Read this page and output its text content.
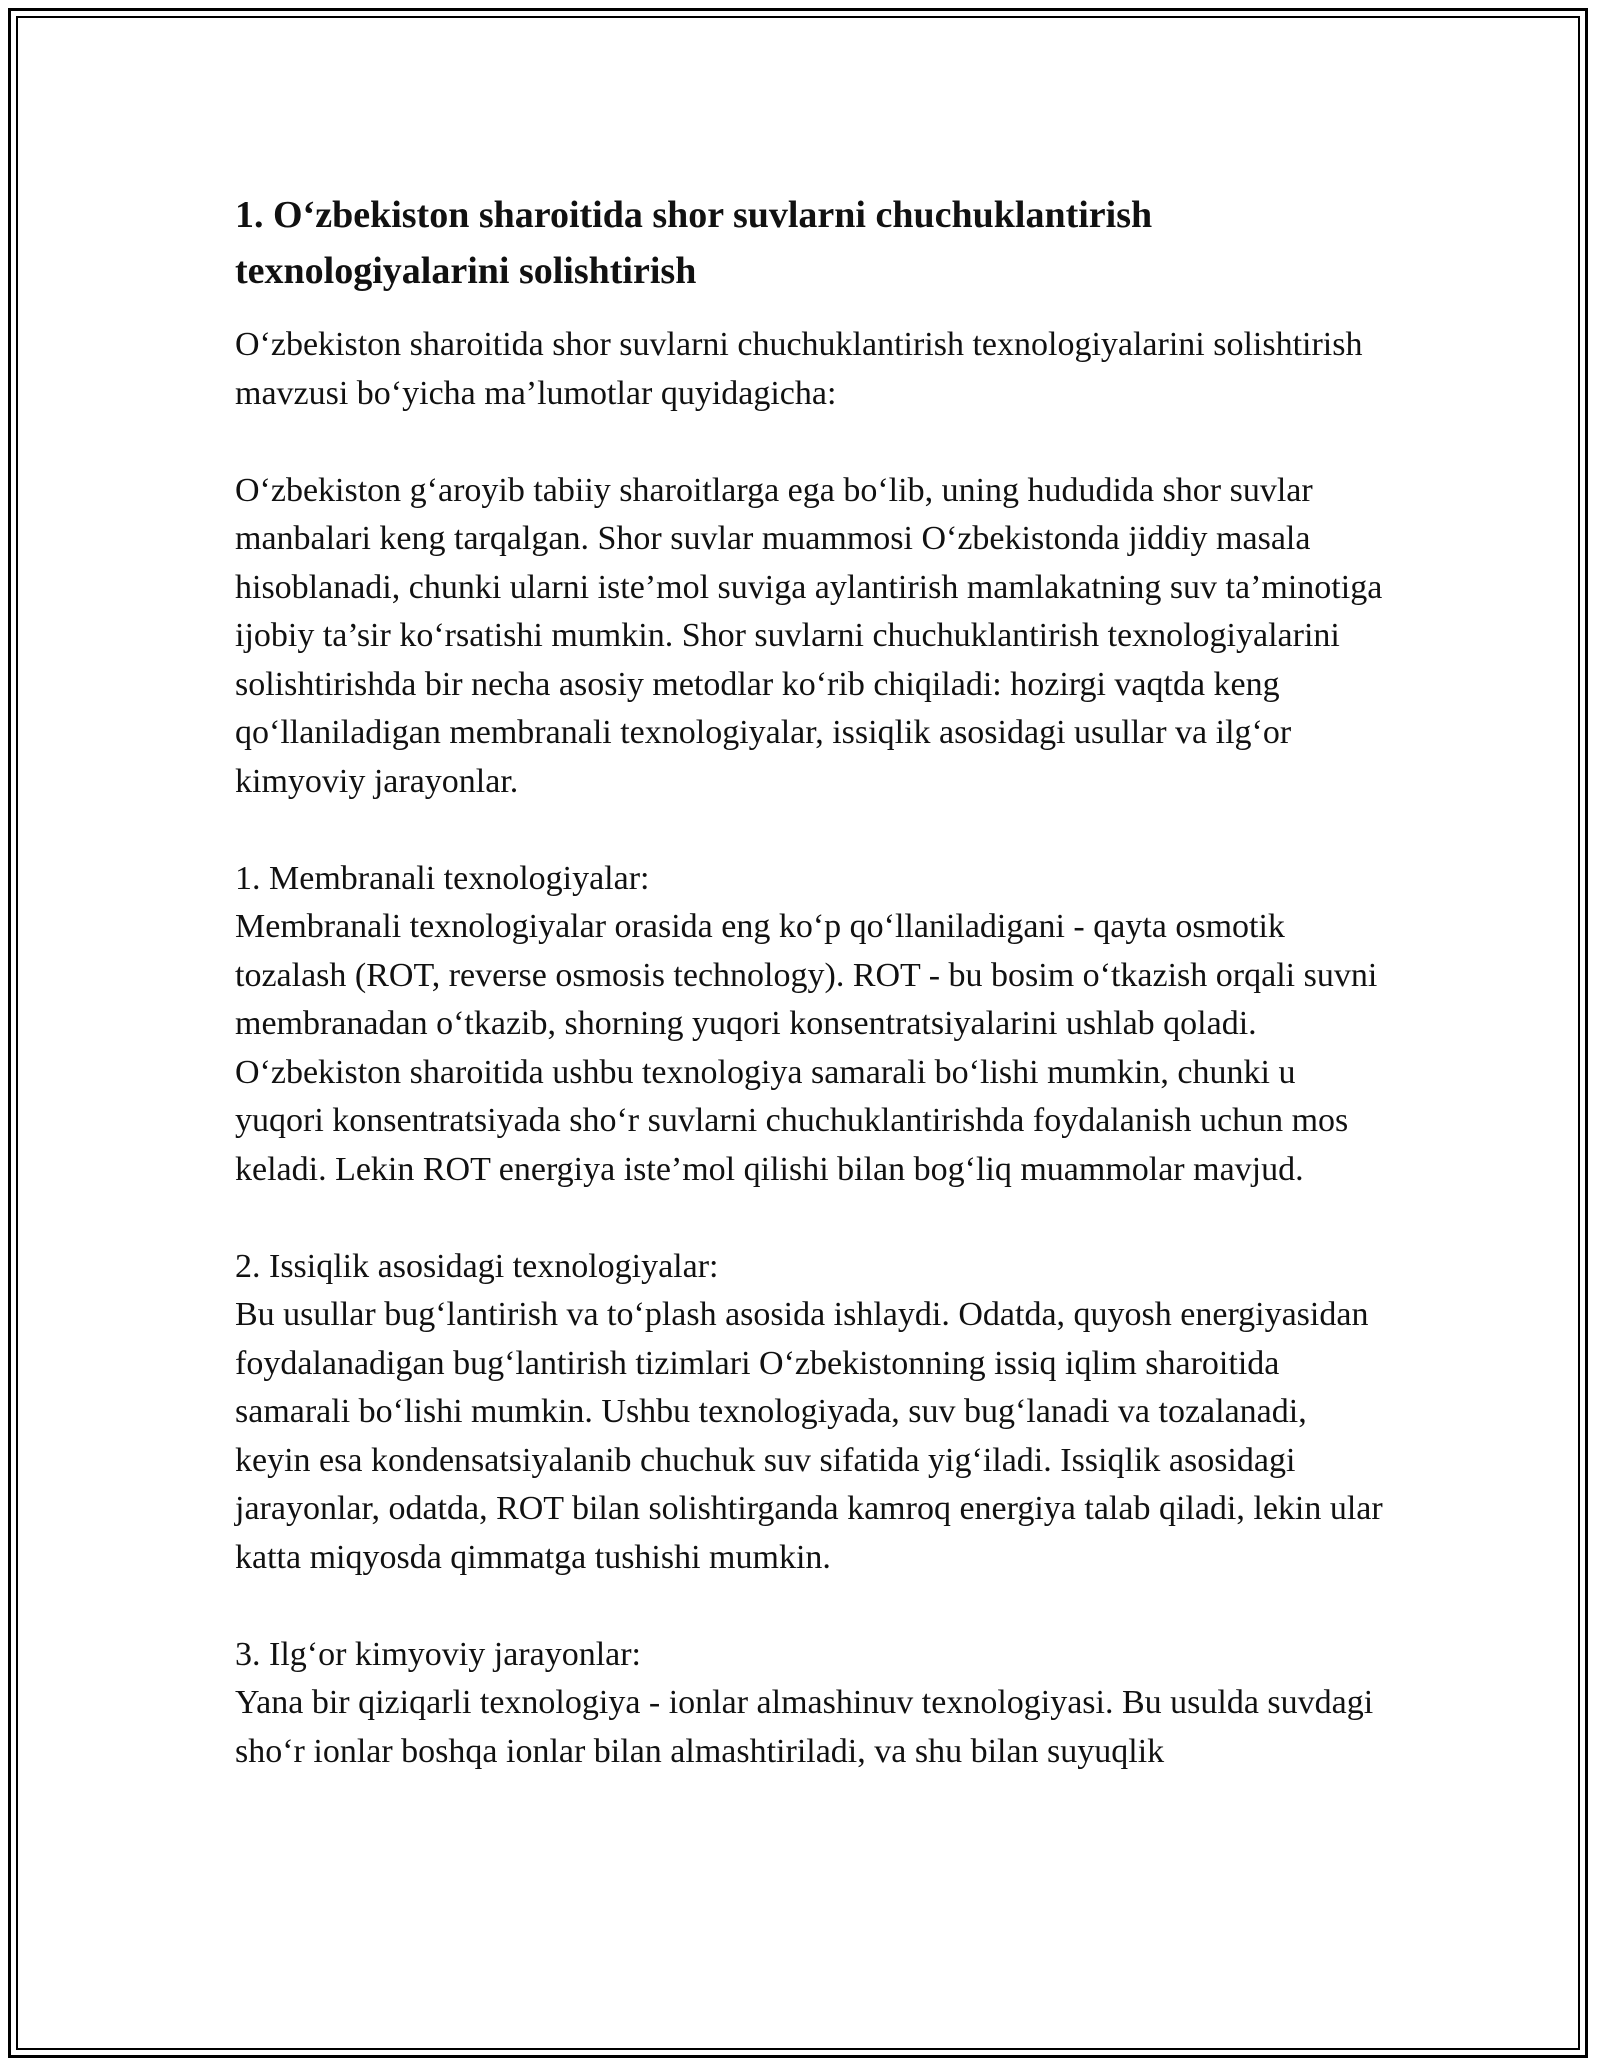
1. O‘zbekiston sharoitida shor suvlarni chuchuklantirish texnologiyalarini solishtirish

O‘zbekiston sharoitida shor suvlarni chuchuklantirish texnologiyalarini solishtirish mavzusi bo‘yicha ma’lumotlar quyidagicha:

O‘zbekiston g‘aroyib tabiiy sharoitlarga ega bo‘lib, uning hududida shor suvlar manbalari keng tarqalgan. Shor suvlar muammosi O‘zbekistonda jiddiy masala hisoblanadi, chunki ularni iste’mol suviga aylantirish mamlakatning suv ta’minotiga ijobiy ta’sir ko‘rsatishi mumkin. Shor suvlarni chuchuklantirish texnologiyalarini solishtirishda bir necha asosiy metodlar ko‘rib chiqiladi: hozirgi vaqtda keng qo‘llaniladigan membranali texnologiyalar, issiqlik asosidagi usullar va ilg‘or kimyoviy jarayonlar.

1. Membranali texnologiyalar:
Membranali texnologiyalar orasida eng ko‘p qo‘llaniladigani - qayta osmotik tozalash (ROT, reverse osmosis technology). ROT - bu bosim o‘tkazish orqali suvni membranadan o‘tkazib, shorning yuqori konsentratsiyalarini ushlab qoladi. O‘zbekiston sharoitida ushbu texnologiya samarali bo‘lishi mumkin, chunki u yuqori konsentratsiyada sho‘r suvlarni chuchuklantirishda foydalanish uchun mos keladi. Lekin ROT energiya iste’mol qilishi bilan bog‘liq muammolar mavjud.
2. Issiqlik asosidagi texnologiyalar:
Bu usullar bug‘lantirish va to‘plash asosida ishlaydi. Odatda, quyosh energiyasidan foydalanadigan bug‘lantirish tizimlari O‘zbekistonning issiq iqlim sharoitida samarali bo‘lishi mumkin. Ushbu texnologiyada, suv bug‘lanadi va tozalanadi, keyin esa kondensatsiyalanib chuchuk suv sifatida yig‘iladi. Issiqlik asosidagi jarayonlar, odatda, ROT bilan solishtirganda kamroq energiya talab qiladi, lekin ular katta miqyosda qimmatga tushishi mumkin.
3. Ilg‘or kimyoviy jarayonlar:
Yana bir qiziqarli texnologiya - ionlar almashinuv texnologiyasi. Bu usulda suvdagi sho‘r ionlar boshqa ionlar bilan almashtiriladi, va shu bilan suyuqlik
